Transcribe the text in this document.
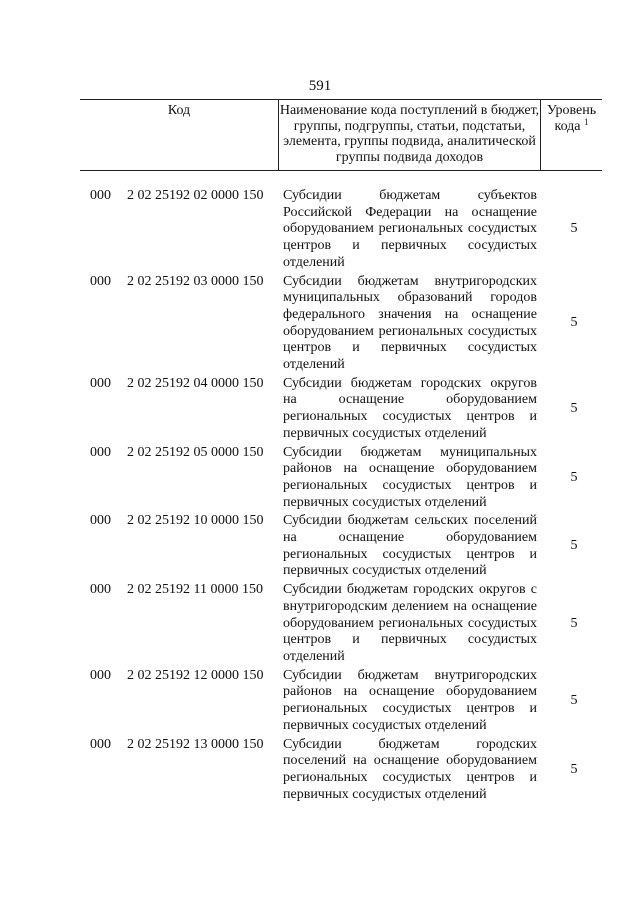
591
Код	Наименование кода поступлений в бюджет, группы, подгруппы, статьи, подстатьи, элемента, группы подвида, аналитической группы подвида доходов
Уровень кода $^1$
000 2 02 25192 02 0000 150 Субсидии бюджетам субъектов Российской Федерации на оснащение оборудованием региональных сосудистых центров и первичных сосудистых отделений
5
000 2 02 25192 03 0000 150 Субсидии бюджетам внутригородских муниципальных образований городов федерального значения на оснащение оборудованием региональных сосудистых центров и первичных сосудистых отделений
5
000 2 02 25192 04 0000 150 Субсидии бюджетам городских округов на оснащение оборудованием региональных сосудистых центров и первичных сосудистых отделений
5
000 2 02 25192 05 0000 150 Субсидии бюджетам муниципальных районов на оснащение оборудованием региональных сосудистых центров и первичных сосудистых отделений
5
000 2 02 25192 10 0000 150 Субсидии бюджетам сельских поселений на оснащение оборудованием региональных сосудистых центров и первичных сосудистых отделений
5
000 2 02 25192 11 0000 150 Субсидии бюджетам городских округов с внутригородским делением на оснащение оборудованием региональных сосудистых центров и первичных сосудистых отделений
5
000 2 02 25192 12 0000 150 Субсидии бюджетам внутригородских районов на оснащение оборудованием региональных сосудистых центров и первичных сосудистых отделений
5
000 2 02 25192 13 0000 150 Субсидии бюджетам городских поселений на оснащение оборудованием региональных сосудистых центров и первичных сосудистых отделений
5
